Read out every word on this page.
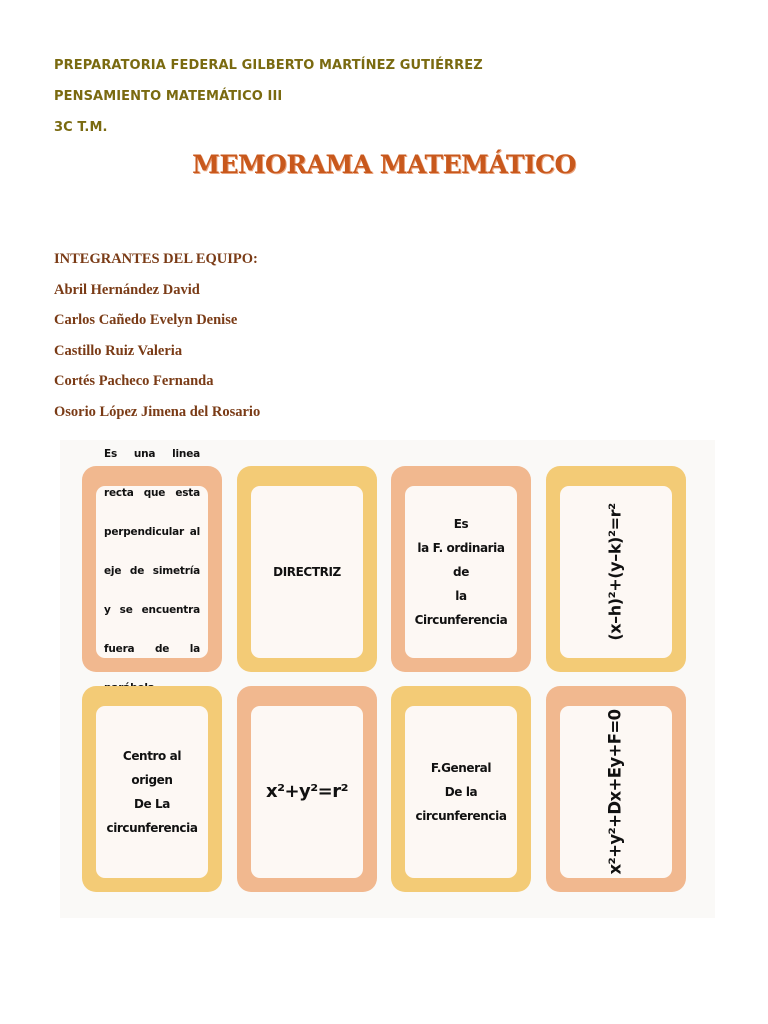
PREPARATORIA FEDERAL GILBERTO MARTÍNEZ GUTIÉRREZ
PENSAMIENTO MATEMÁTICO III
3C T.M.
MEMORAMA MATEMÁTICO
INTEGRANTES DEL EQUIPO:
Abril Hernández David
Carlos Cañedo Evelyn Denise
Castillo Ruiz Valeria
Cortés Pacheco Fernanda
Osorio López Jimena del Rosario

Es una linea

recta que esta

perpendicular al

eje de simetría

y se encuentra

fuera de la

DIRECTRIZ
Es
la F. ordinaria de
la
Circunferencia	(x–h)²+(y–k)²=r²
Centro al origen
De La
circunferencia
x²+y²=r²
F.General
De la
circunferencia	x²+y²+Dx+Ey+F=0
